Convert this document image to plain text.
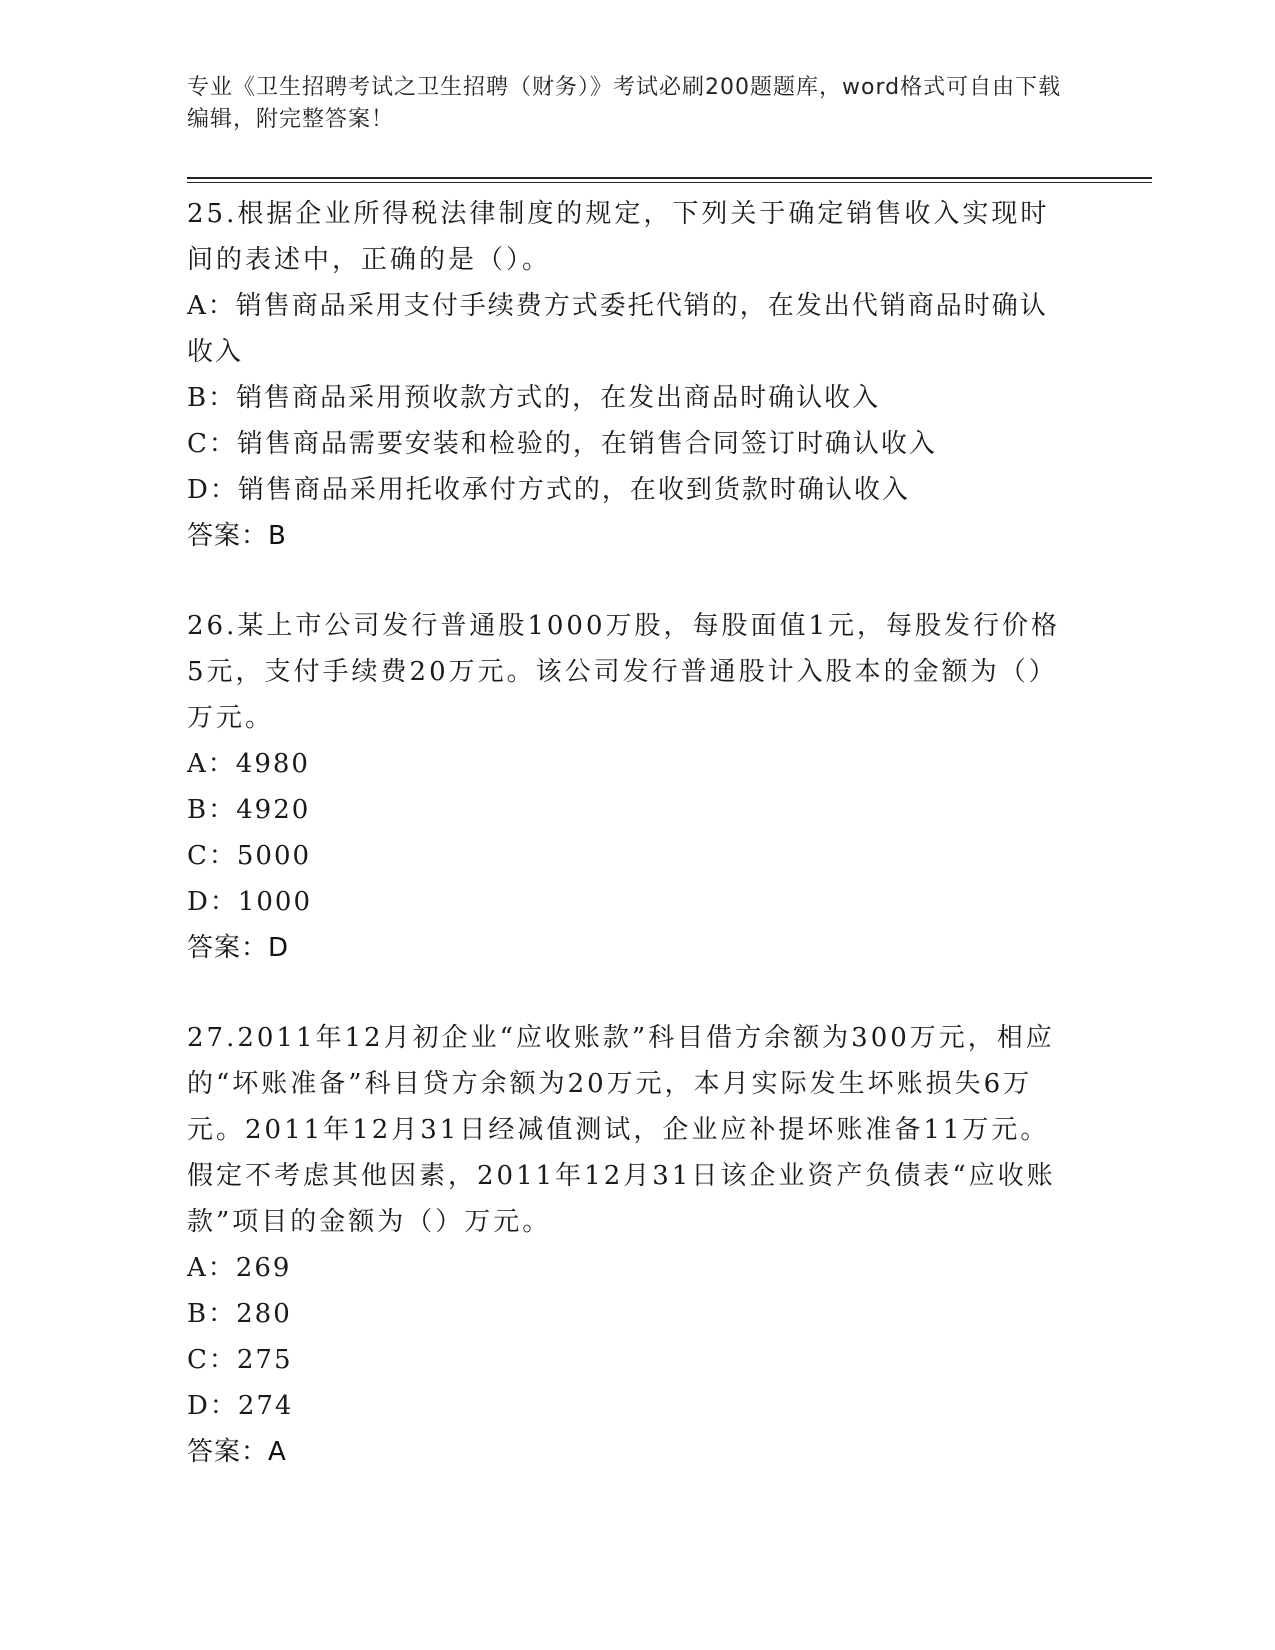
专业《卫生招聘考试之卫生招聘（财务）》考试必刷200题题库，word格式可自由下载编辑，附完整答案！

25.根据企业所得税法律制度的规定，下列关于确定销售收入实现时间的表述中，正确的是（）。

A：销售商品采用支付手续费方式委托代销的，在发出代销商品时确认收入

B：销售商品采用预收款方式的，在发出商品时确认收入

C：销售商品需要安装和检验的，在销售合同签订时确认收入

D：销售商品采用托收承付方式的，在收到货款时确认收入

答案：B

26.某上市公司发行普通股1000万股，每股面值1元，每股发行价格5元，支付手续费20万元。该公司发行普通股计入股本的金额为（）万元。

A：4980

B：4920

C：5000

D：1000

答案：D

27.2011年12月初企业“应收账款”科目借方余额为300万元，相应的“坏账准备”科目贷方余额为20万元，本月实际发生坏账损失6万元。2011年12月31日经减值测试，企业应补提坏账准备11万元。假定不考虑其他因素，2011年12月31日该企业资产负债表“应收账款”项目的金额为（）万元。

A：269

B：280

C：275

D：274

答案：A
